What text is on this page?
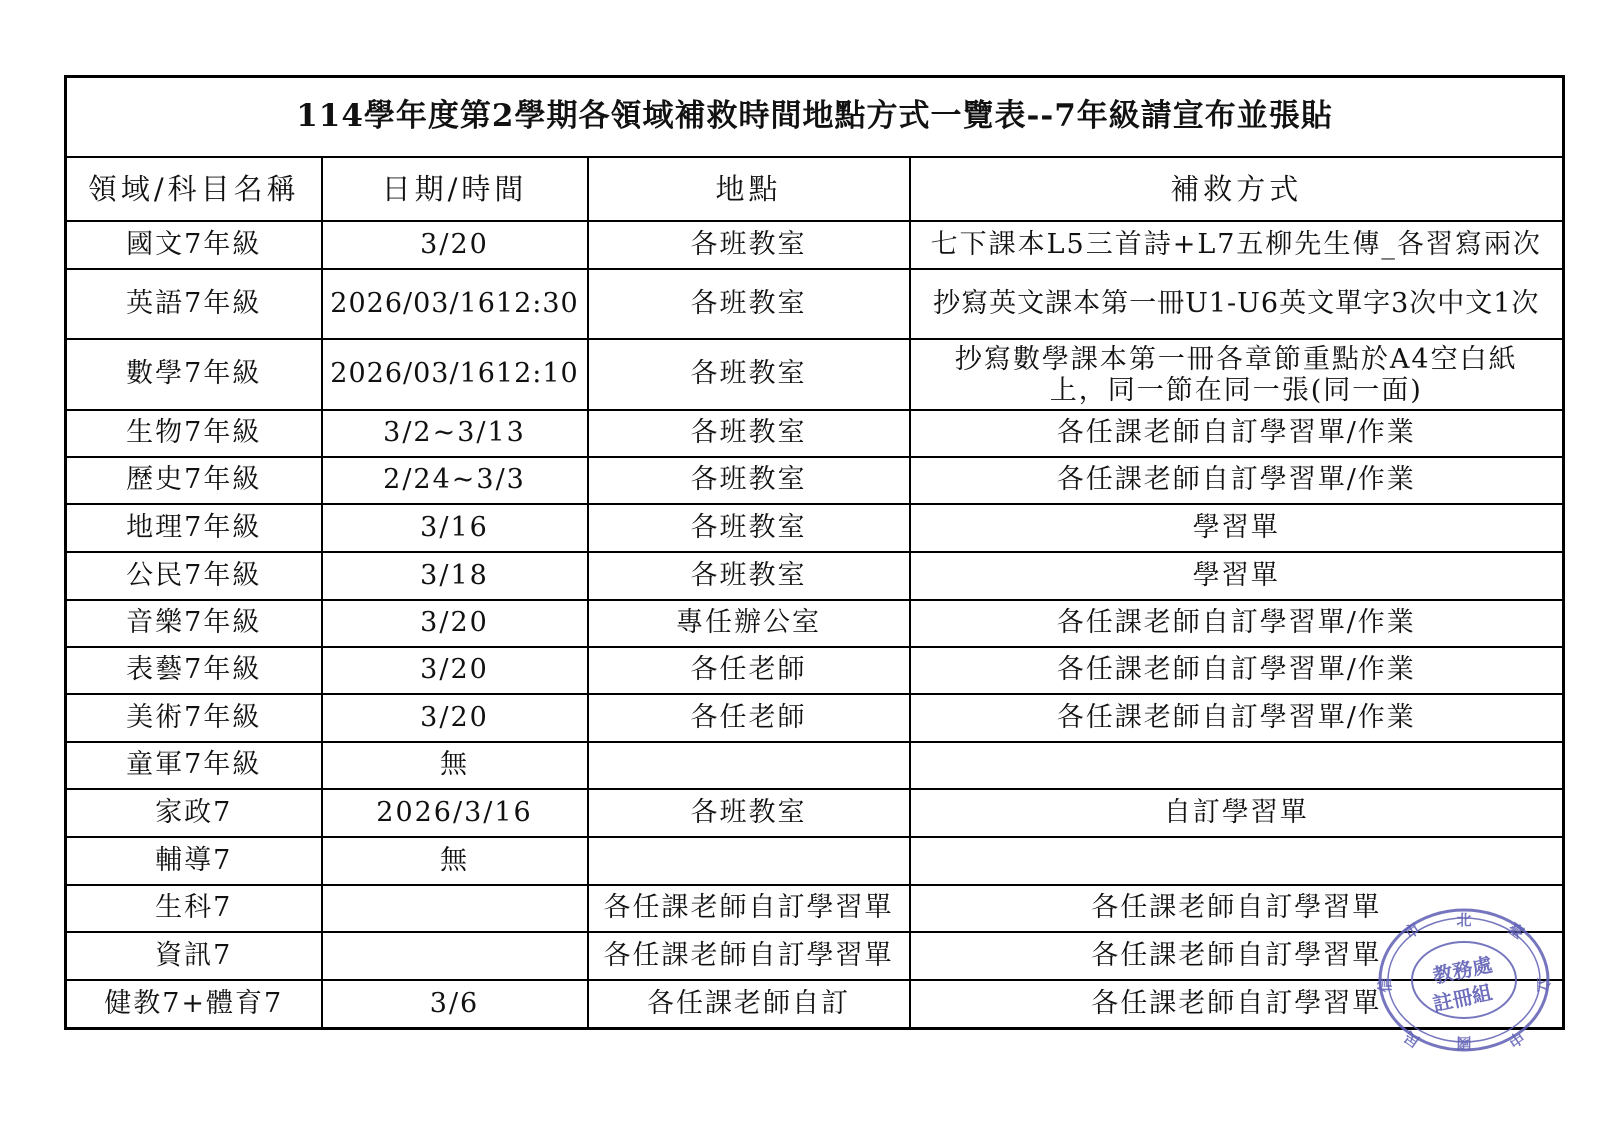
114學年度第2學期各領域補救時間地點方式一覽表--7年級請宣布並張貼			
領域/科目名稱	日期/時間	地點	補救方式
國文7年級	3/20	各班教室	七下課本L5三首詩+L7五柳先生傳_各習寫兩次
英語7年級	2026/03/1612:30	各班教室	抄寫英文課本第一冊U1-U6英文單字3次中文1次
數學7年級	2026/03/1612:10	各班教室	抄寫數學課本第一冊各章節重點於A4空白紙上，同一節在同一張(同一面)

生物7年級	3/2~3/13	各班教室	各任課老師自訂學習單/作業
歷史7年級	2/24~3/3	各班教室	各任課老師自訂學習單/作業
地理7年級	3/16	各班教室	學習單
公民7年級	3/18	各班教室	學習單
音樂7年級	3/20	專任辦公室	各任課老師自訂學習單/作業
表藝7年級	3/20	各任老師	各任課老師自訂學習單/作業
美術7年級	3/20	各任老師	各任課老師自訂學習單/作業
童軍7年級	無		
家政7	2026/3/16	各班教室	自訂學習單
輔導7	無		
生科7		各任課老師自訂學習單	各任課老師自訂學習單
資訊7		各任課老師自訂學習單	各任課老師自訂學習單
健教7+體育7	3/6	各任課老師自訂	各任課老師自訂學習單
市 北 臺
立
中
國
民
信 教務處
註冊組
